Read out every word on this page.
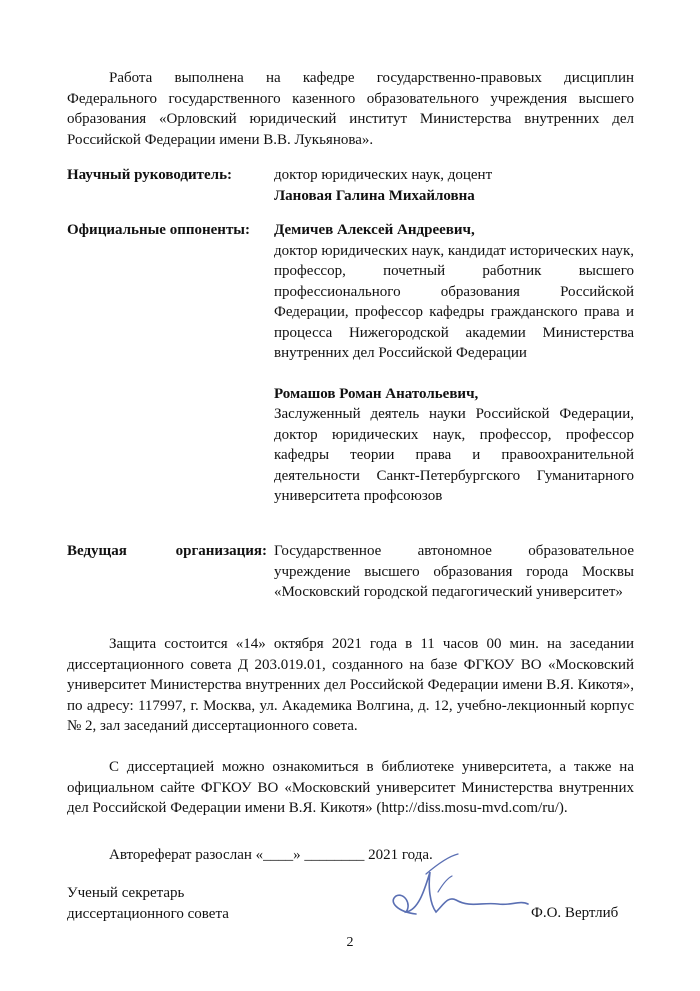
Работа выполнена на кафедре государственно-правовых дисциплин Федерального государственного казенного образовательного учреждения высшего образования «Орловский юридический институт Министерства внутренних дел Российской Федерации имени В.В. Лукьянова».

Научный руководитель:	доктор юридических наук, доцент
Лановая Галина Михайловна
Официальные оппоненты: Демичев Алексей Андреевич,
доктор юридических наук, кандидат исторических наук, профессор, почетный работник высшего профессионального образования Российской Федерации, профессор кафедры гражданского права и процесса Нижегородской академии Министерства внутренних дел Российской Федерации
Ромашов Роман Анатольевич,
Заслуженный деятель науки Российской Федерации, доктор юридических наук, профессор, профессор кафедры теории права и правоохранительной деятельности Санкт-Петербургского Гуманитарного университета профсоюзов
Ведущая	организация: Государственное автономное образовательное учреждение высшего образования города Москвы «Московский городской педагогический университет»

Защита состоится «14» октября 2021 года в 11 часов 00 мин. на заседании диссертационного совета Д 203.019.01, созданного на базе ФГКОУ ВО «Московский университет Министерства внутренних дел Российской Федерации имени В.Я. Кикотя», по адресу: 117997, г. Москва, ул. Академика Волгина, д. 12, учебно-лекционный корпус № 2, зал заседаний диссертационного совета.

С диссертацией можно ознакомиться в библиотеке университета, а также на официальном сайте ФГКОУ ВО «Московский университет Министерства внутренних дел Российской Федерации имени В.Я. Кикотя» (http://diss.mosu-mvd.com/ru/).

Автореферат разослан «____» ________ 2021 года.

Ученый секретарь
диссертационного совета	Ф.О. Вертлиб
2
